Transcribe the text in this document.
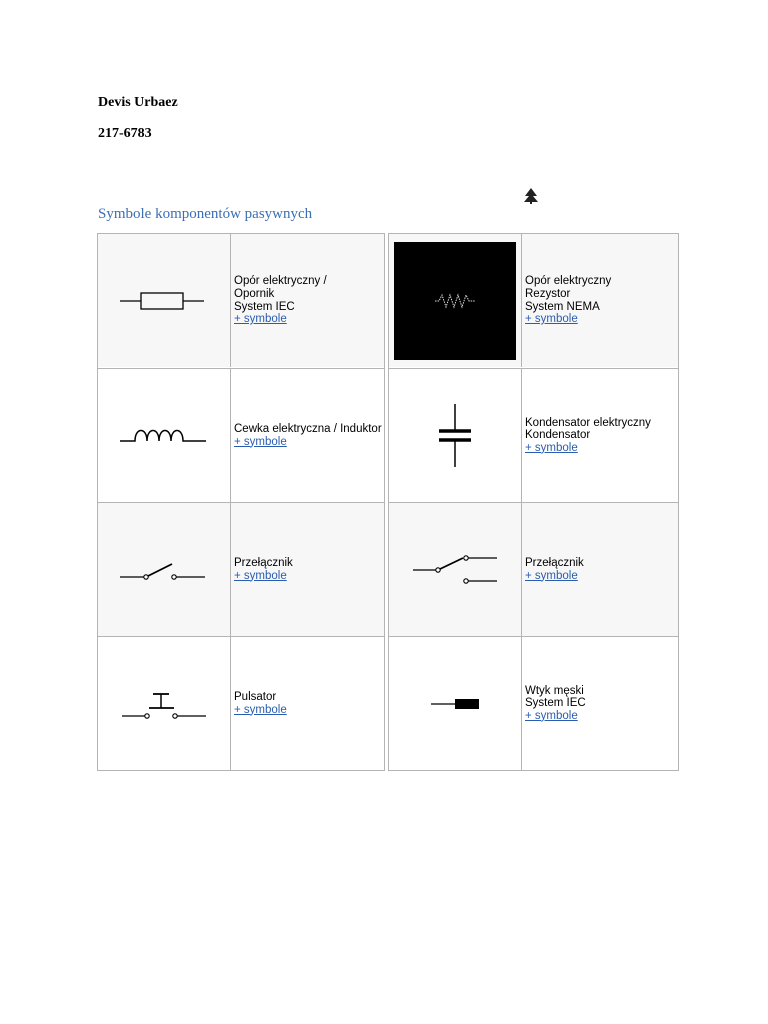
Devis Urbaez
217-6783
Symbole komponentów pasywnych
Opór elektryczny /
Opornik
System IEC
+ symbole
Cewka elektryczna / Induktor
+ symbole
Przełącznik
+ symbole
Pulsator
+ symbole
Opór elektryczny
Rezystor
System NEMA
+ symbole
Kondensator elektryczny
Kondensator
+ symbole
Przełącznik
+ symbole
Wtyk męski
System IEC
+ symbole
